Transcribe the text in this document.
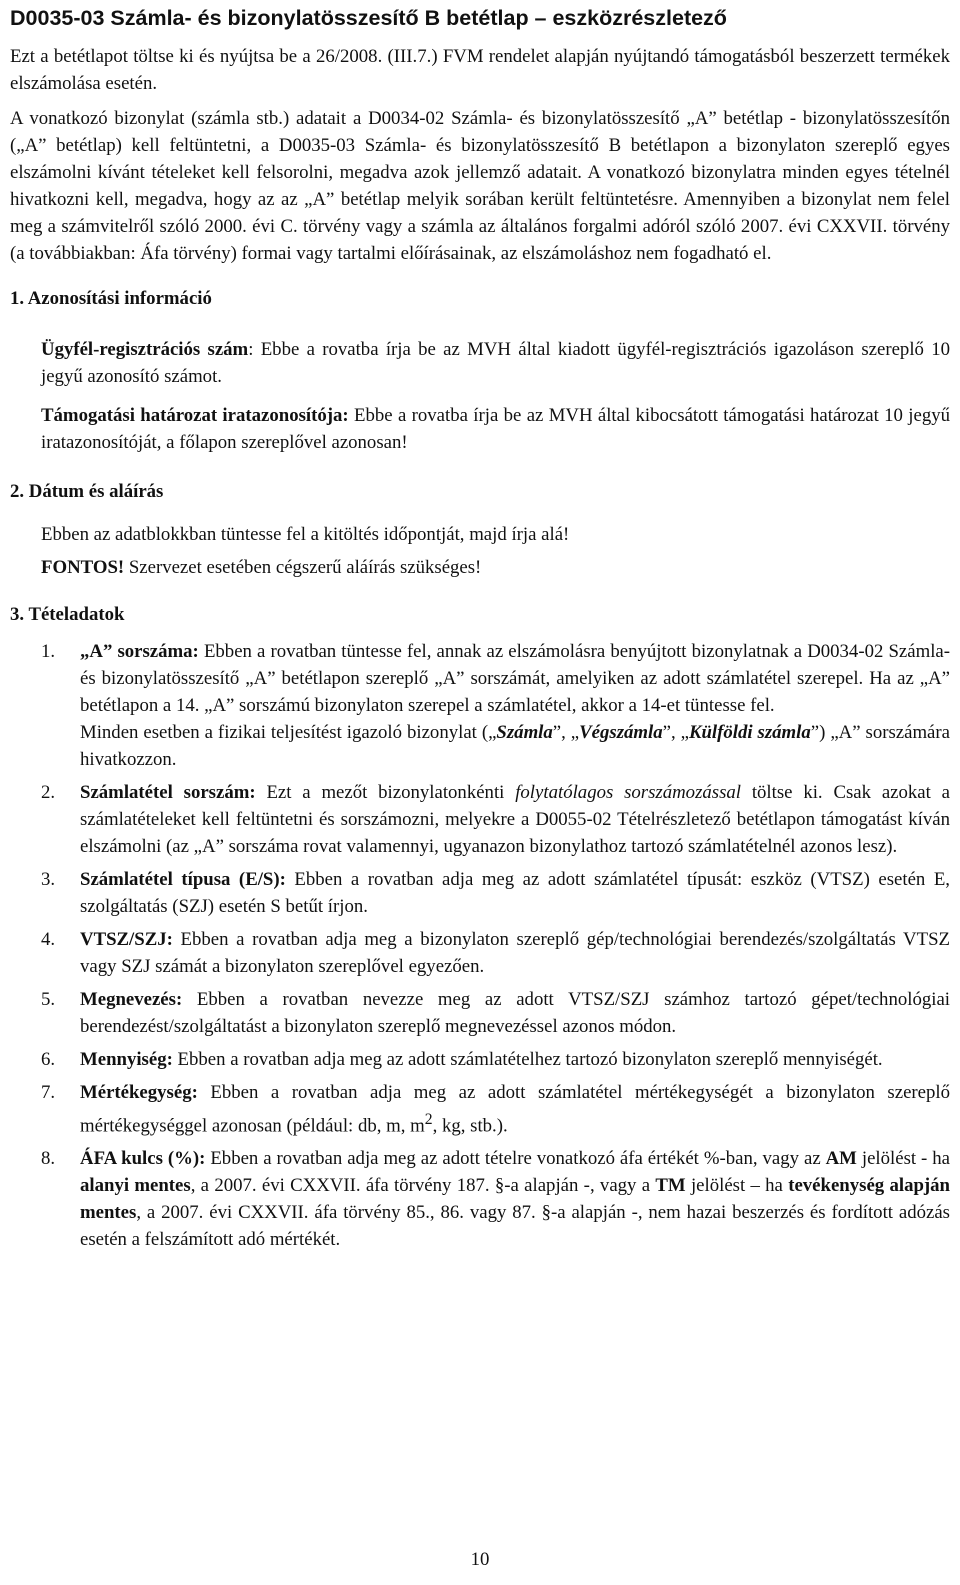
D0035-03 Számla- és bizonylatösszesítő B betétlap – eszközrészletező

Ezt a betétlapot töltse ki és nyújtsa be a 26/2008. (III.7.) FVM rendelet alapján nyújtandó támogatásból beszerzett termékek elszámolása esetén.

A vonatkozó bizonylat (számla stb.) adatait a D0034-02 Számla- és bizonylatösszesítő „A” betétlap - bizonylatösszesítőn („A” betétlap) kell feltüntetni, a D0035-03 Számla- és bizonylatösszesítő B betétlapon a bizonylaton szereplő egyes elszámolni kívánt tételeket kell felsorolni, megadva azok jellemző adatait. A vonatkozó bizonylatra minden egyes tételnél hivatkozni kell, megadva, hogy az az „A” betétlap melyik sorában került feltüntetésre. Amennyiben a bizonylat nem felel meg a számvitelről szóló 2000. évi C. törvény vagy a számla az általános forgalmi adóról szóló 2007. évi CXXVII. törvény (a továbbiakban: Áfa törvény) formai vagy tartalmi előírásainak, az elszámoláshoz nem fogadható el.

1. Azonosítási információ

Ügyfél-regisztrációs szám: Ebbe a rovatba írja be az MVH által kiadott ügyfél-regisztrációs igazoláson szereplő 10 jegyű azonosító számot.

Támogatási határozat iratazonosítója: Ebbe a rovatba írja be az MVH által kibocsátott támogatási határozat 10 jegyű iratazonosítóját, a főlapon szereplővel azonosan!

2. Dátum és aláírás

Ebben az adatblokkban tüntesse fel a kitöltés időpontját, majd írja alá!

FONTOS! Szervezet esetében cégszerű aláírás szükséges!

3. Tételadatok
1. „A” sorszáma: Ebben a rovatban tüntesse fel, annak az elszámolásra benyújtott bizonylatnak a D0034-02 Számla- és bizonylatösszesítő „A” betétlapon szereplő „A” sorszámát, amelyiken az adott számlatétel szerepel. Ha az „A” betétlapon a 14. „A” sorszámú bizonylaton szerepel a számlatétel, akkor a 14-et tüntesse fel.
Minden esetben a fizikai teljesítést igazoló bizonylat („Számla”, „Végszámla”, „Külföldi számla”) „A” sorszámára hivatkozzon.
2. Számlatétel sorszám: Ezt a mezőt bizonylatonkénti folytatólagos sorszámozással töltse ki. Csak azokat a számlatételeket kell feltüntetni és sorszámozni, melyekre a D0055-02 Tételrészletező betétlapon támogatást kíván elszámolni (az „A” sorszáma rovat valamennyi, ugyanazon bizonylathoz tartozó számlatételnél azonos lesz).
3. Számlatétel típusa (E/S): Ebben a rovatban adja meg az adott számlatétel típusát: eszköz (VTSZ) esetén E, szolgáltatás (SZJ) esetén S betűt írjon.
4. VTSZ/SZJ: Ebben a rovatban adja meg a bizonylaton szereplő gép/technológiai berendezés/szolgáltatás VTSZ vagy SZJ számát a bizonylaton szereplővel egyezően.
5. Megnevezés: Ebben a rovatban nevezze meg az adott VTSZ/SZJ számhoz tartozó gépet/technológiai berendezést/szolgáltatást a bizonylaton szereplő megnevezéssel azonos módon.
6. Mennyiség: Ebben a rovatban adja meg az adott számlatételhez tartozó bizonylaton szereplő mennyiségét.
7. Mértékegység: Ebben a rovatban adja meg az adott számlatétel mértékegységét a bizonylaton szereplő mértékegységgel azonosan (például: db, m, $m^2$, kg, stb.).
8. ÁFA kulcs (%): Ebben a rovatban adja meg az adott tételre vonatkozó áfa értékét %-ban, vagy az AM jelölést - ha alanyi mentes, a 2007. évi CXXVII. áfa törvény 187. §-a alapján -, vagy a TM jelölést – ha tevékenység alapján mentes, a 2007. évi CXXVII. áfa törvény 85., 86. vagy 87. §-a alapján -, nem hazai beszerzés és fordított adózás esetén a felszámított adó mértékét.
10
